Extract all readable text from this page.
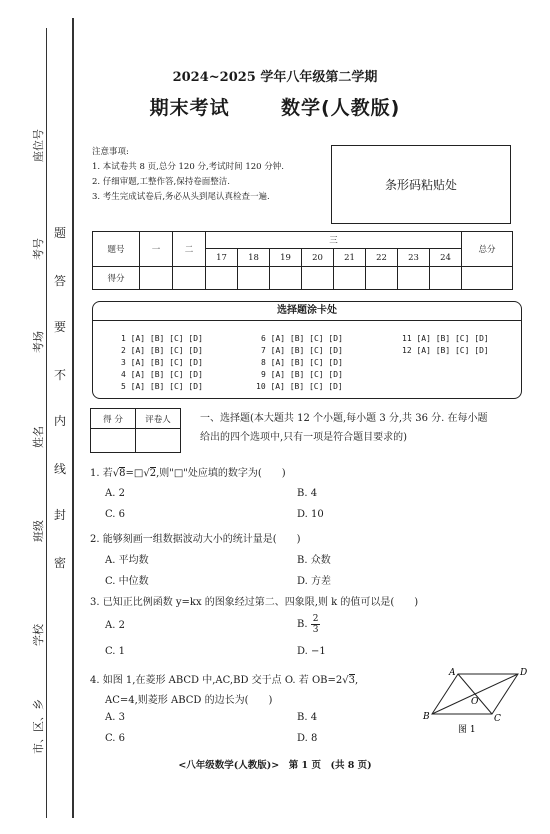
座位号
考号
考场
姓名
班级
学校
市、区、乡
题
答
要
不
内
线
封
密
2024~2025 学年八年级第二学期
期末考试	数学(人教版)
注意事项:
1. 本试卷共 8 页,总分 120 分,考试时间 120 分钟.
2. 仔细审题,工整作答,保持卷面整洁.
3. 考生完成试卷后,务必从头到尾认真检查一遍.
条形码粘贴处
题号	一	二	三								总分
			17	18	19	20	21	22	23	24	
得分											
选择题涂卡处
1 [A] [B] [C] [D]
2 [A] [B] [C] [D]
3 [A] [B] [C] [D]
4 [A] [B] [C] [D]
5 [A] [B] [C] [D]
6 [A] [B] [C] [D]
7 [A] [B] [C] [D]
8 [A] [B] [C] [D]
9 [A] [B] [C] [D]
10 [A] [B] [C] [D]
11 [A] [B] [C] [D]
12 [A] [B] [C] [D]
得 分	评卷人
		一、选择题(本大题共 12 个小题,每小题 3 分,共 36 分. 在每小题
给出的四个选项中,只有一项是符合题目要求的)
1. 若√8=□√2,则"□"处应填的数字为(　　)
A. 2	B. 4
C. 6	D. 10
2. 能够刻画一组数据波动大小的统计量是(　　)
A. 平均数	B. 众数
C. 中位数	D. 方差
3. 已知正比例函数 y=kx 的图象经过第二、四象限,则 k 的值可以是(　　)
A. 2	B. $\frac{2}{3}$
C. 1	D. −1
4. 如图 1,在菱形 ABCD 中,AC,BD 交于点 O. 若 OB=2√3,
AC=4,则菱形 ABCD 的边长为(　　)
A. 3	B. 4
C. 6	D. 8
A	D
B	C
O
图 1
<八年级数学(人教版)>　第 1 页　(共 8 页)
